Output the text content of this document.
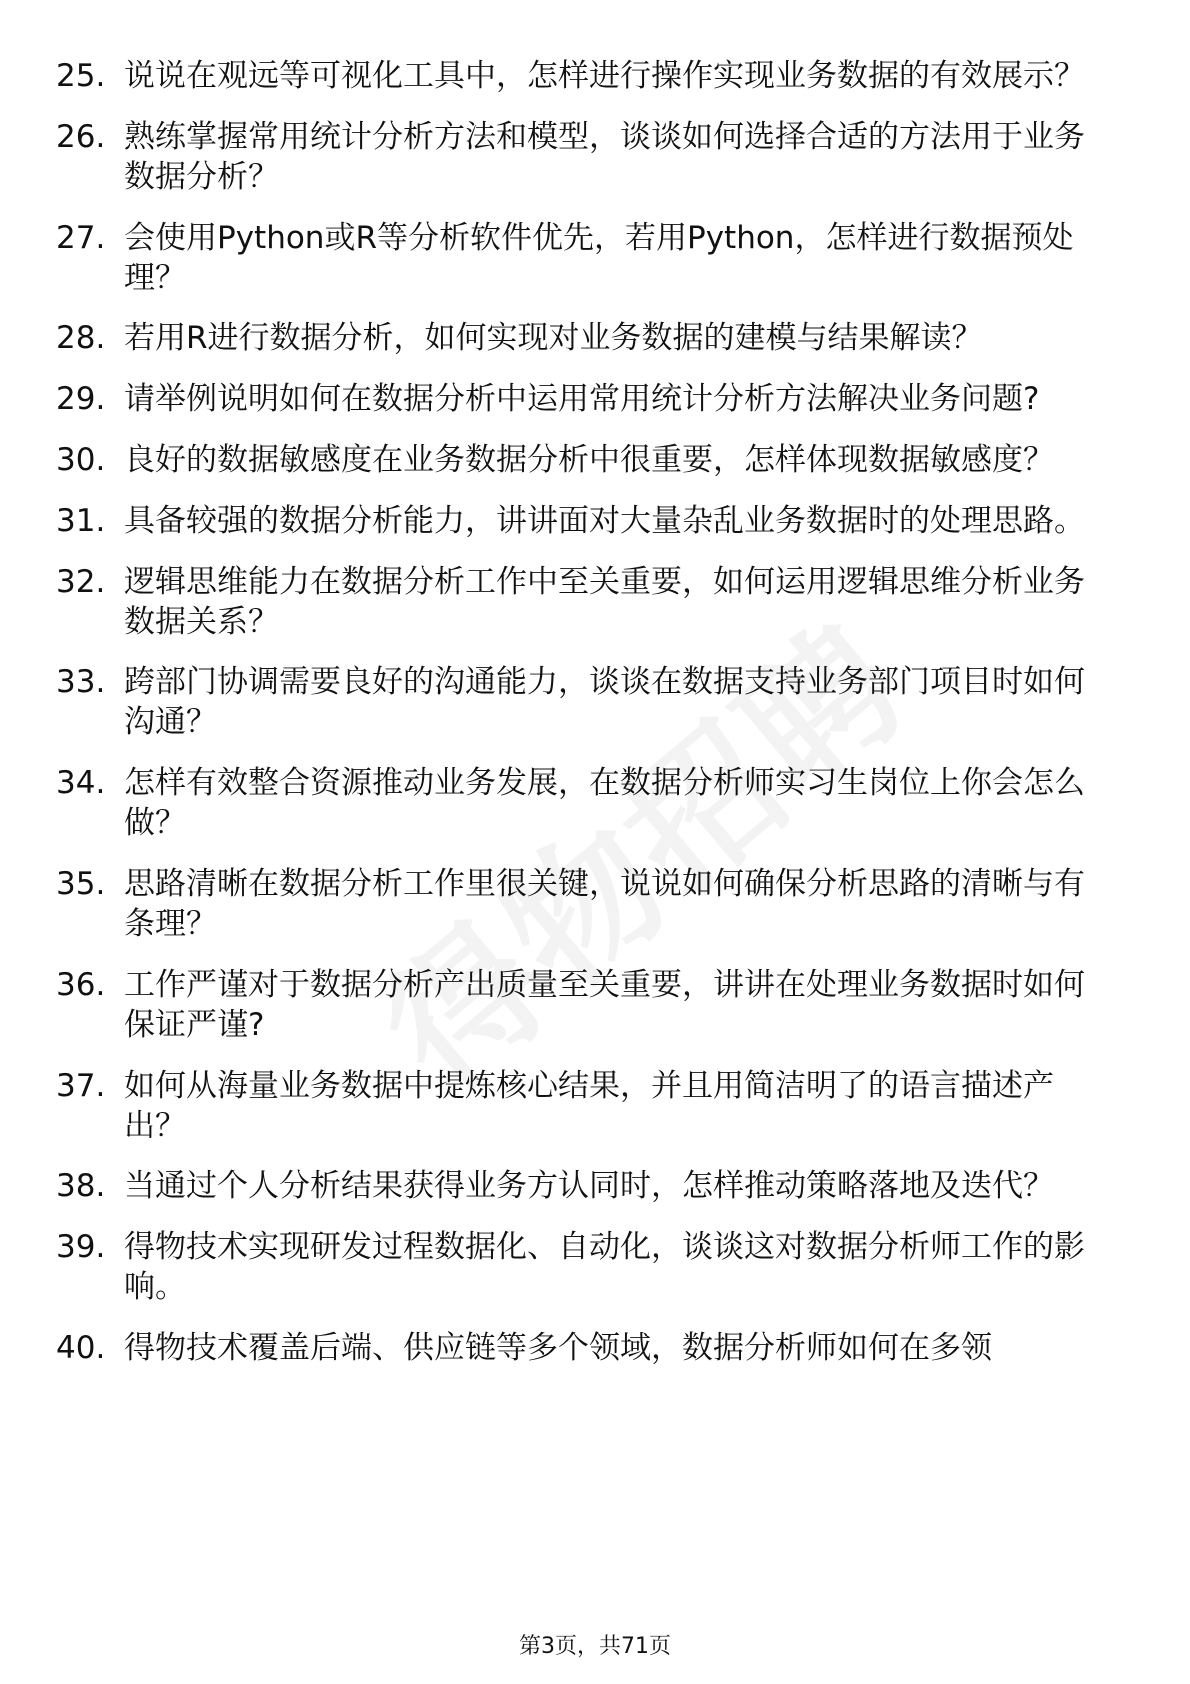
25. 说说在观远等可视化工具中，怎样进行操作实现业务数据的有效展示？
26. 熟练掌握常用统计分析方法和模型，谈谈如何选择合适的方法用于业务数据分析？
27. 会使用Python或R等分析软件优先，若用Python，怎样进行数据预处理？
28. 若用R进行数据分析，如何实现对业务数据的建模与结果解读？
29. 请举例说明如何在数据分析中运用常用统计分析方法解决业务问题?
30. 良好的数据敏感度在业务数据分析中很重要，怎样体现数据敏感度？
31. 具备较强的数据分析能力，讲讲面对大量杂乱业务数据时的处理思路。
32. 逻辑思维能力在数据分析工作中至关重要，如何运用逻辑思维分析业务数据关系？
33. 跨部门协调需要良好的沟通能力，谈谈在数据支持业务部门项目时如何沟通？
34. 怎样有效整合资源推动业务发展，在数据分析师实习生岗位上你会怎么做？
35. 思路清晰在数据分析工作里很关键，说说如何确保分析思路的清晰与有条理？
36. 工作严谨对于数据分析产出质量至关重要，讲讲在处理业务数据时如何保证严谨?
37. 如何从海量业务数据中提炼核心结果，并且用简洁明了的语言描述产出？
38. 当通过个人分析结果获得业务方认同时，怎样推动策略落地及迭代？
39. 得物技术实现研发过程数据化、自动化，谈谈这对数据分析师工作的影响。
40. 得物技术覆盖后端、供应链等多个领域，数据分析师如何在多领
第3页，共71页
